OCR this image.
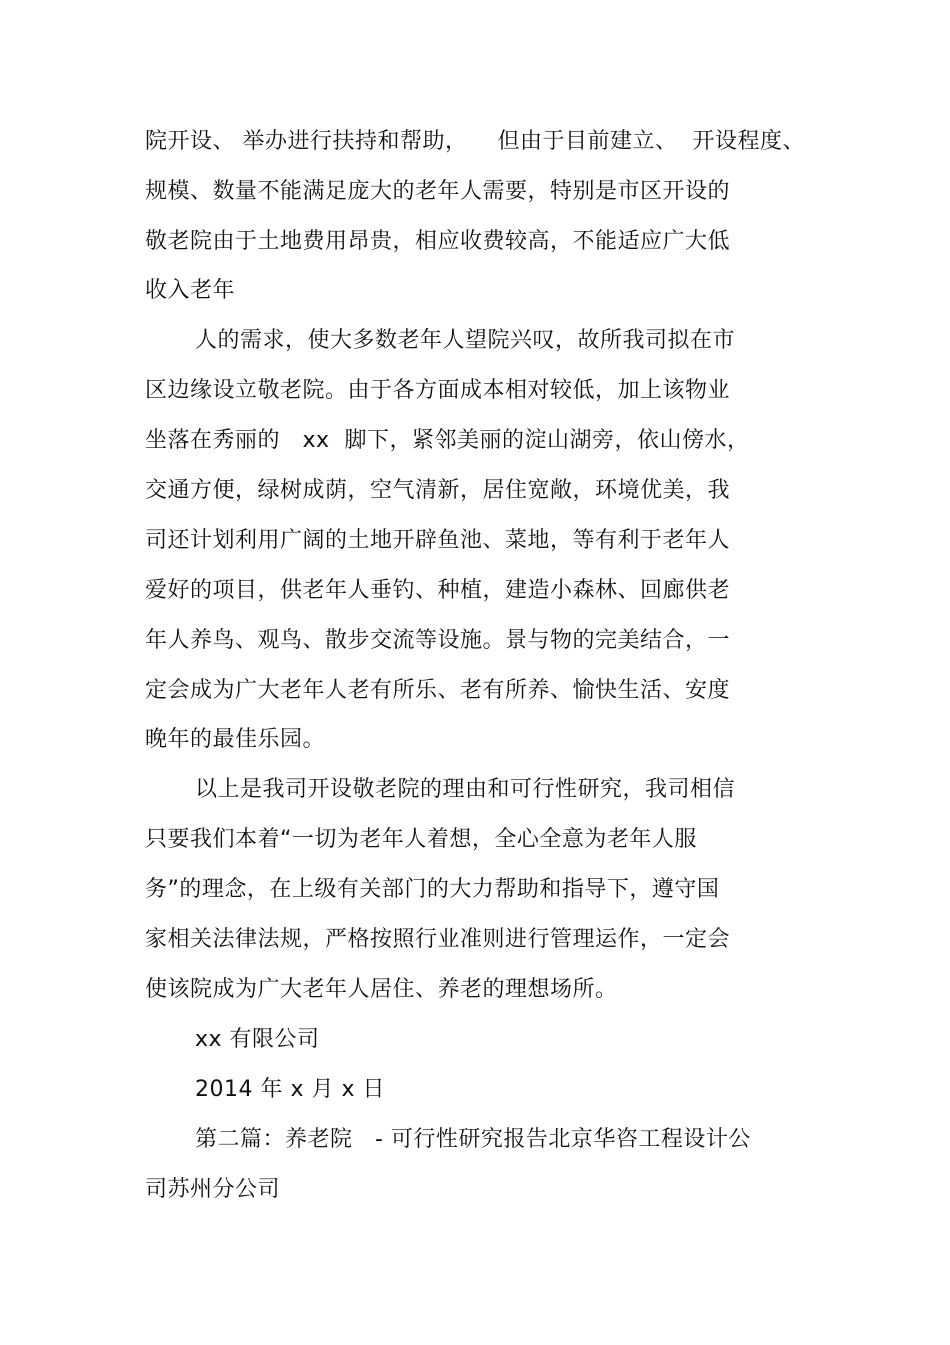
院开设、 举办进行扶持和帮助，    但由于目前建立、  开设程度、
规模、数量不能满足庞大的老年人需要，特别是市区开设的
敬老院由于土地费用昂贵，相应收费较高，不能适应广大低
收入老年
人的需求，使大多数老年人望院兴叹，故所我司拟在市
区边缘设立敬老院。由于各方面成本相对较低，加上该物业
坐落在秀丽的   xx  脚下，紧邻美丽的淀山湖旁，依山傍水，
交通方便，绿树成荫，空气清新，居住宽敞，环境优美，我
司还计划利用广阔的土地开辟鱼池、菜地，等有利于老年人
爱好的项目，供老年人垂钓、种植，建造小森林、回廊供老
年人养鸟、观鸟、散步交流等设施。景与物的完美结合，一
定会成为广大老年人老有所乐、老有所养、愉快生活、安度
晚年的最佳乐园。
以上是我司开设敬老院的理由和可行性研究，我司相信
只要我们本着“一切为老年人着想，全心全意为老年人服
务”的理念，在上级有关部门的大力帮助和指导下，遵守国
家相关法律法规，严格按照行业准则进行管理运作，一定会
使该院成为广大老年人居住、养老的理想场所。
xx 有限公司
2014 年 x 月 x 日
第二篇：养老院   - 可行性研究报告北京华咨工程设计公
司苏州分公司
